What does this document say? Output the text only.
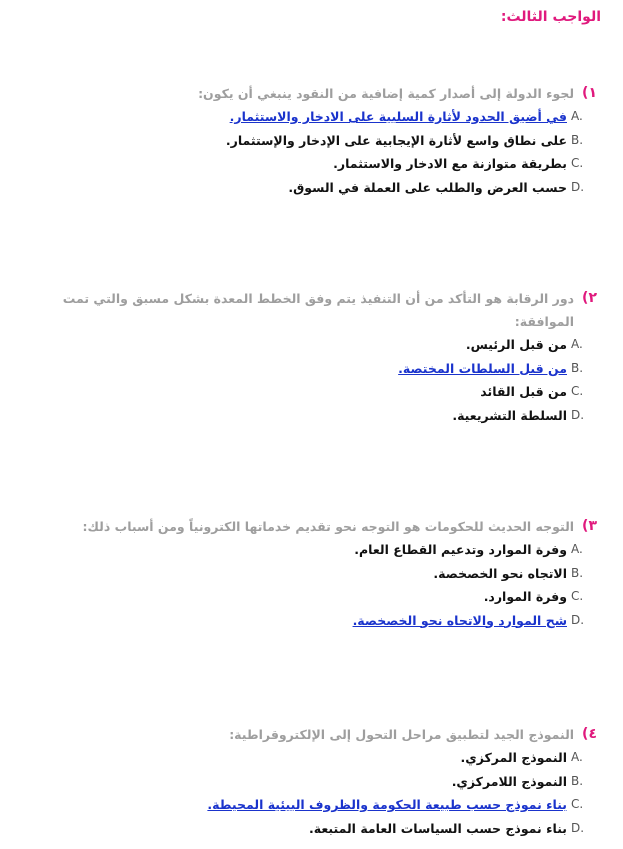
الواجب الثالث:
١)
لجوء الدولة إلى أصدار كمية إضافية من النقود ينبغي أن يكون:
A.
في أضيق الحدود لأثارة السلبية على الادخار والاستثمار.
B.
على نطاق واسع لأثارة الإيجابية على الإدخار والإستثمار.
C.
بطريقة متوازنة مع الادخار والاستثمار.
D.
حسب العرض والطلب على العملة في السوق.
٢)
دور الرقابة هو التأكد من أن التنفيذ يتم وفق الخطط المعدة بشكل مسبق والتي تمت الموافقة:
A.
من قبل الرئيس.
B.
من قبل السلطات المختصة.
C.
من قبل القائد
D.
السلطة التشريعية.
٣)
التوجه الحديث للحكومات هو التوجه نحو تقديم خدماتها الكترونياً ومن أسباب ذلك:
A.
وفرة الموارد وتدعيم القطاع العام.
B.
الاتجاه نحو الخصخصة.
C.
وفرة الموارد.
D.
شح الموارد والاتجاه نحو الخصخصة.
٤)
النموذج الجيد لتطبيق مراحل التحول إلى الإلكتروقراطية:
A.
النموذج المركزي.
B.
النموذج اللامركزي.
C.
بناء نموذج حسب طبيعة الحكومة والظروف البيئية المحيطة.
D.
بناء نموذج حسب السياسات العامة المتبعة.
